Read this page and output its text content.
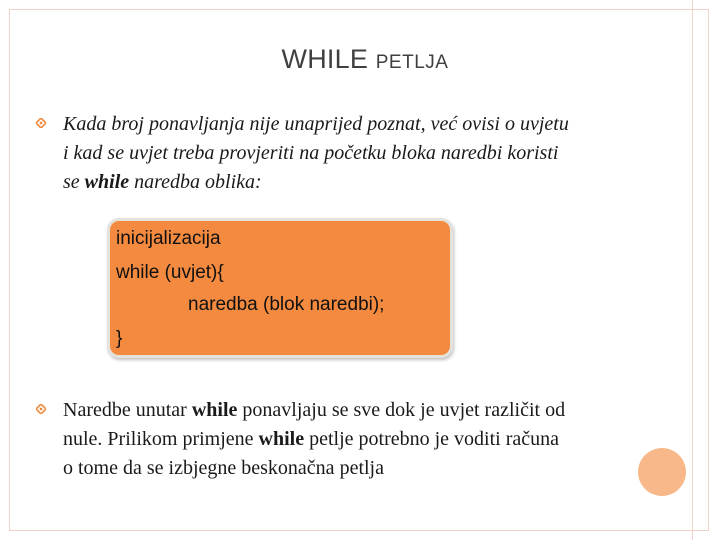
WHILE PETLJA
Kada broj ponavljanja nije unaprijed poznat, već ovisi o uvjetu
i kad se uvjet treba provjeriti na početku bloka naredbi koristi
se while naredba oblika:
inicijalizacija
while (uvjet){
naredba (blok naredbi);
}
Naredbe unutar while ponavljaju se sve dok je uvjet različit od
nule. Prilikom primjene while petlje potrebno je voditi računa
o tome da se izbjegne beskonačna petlja
